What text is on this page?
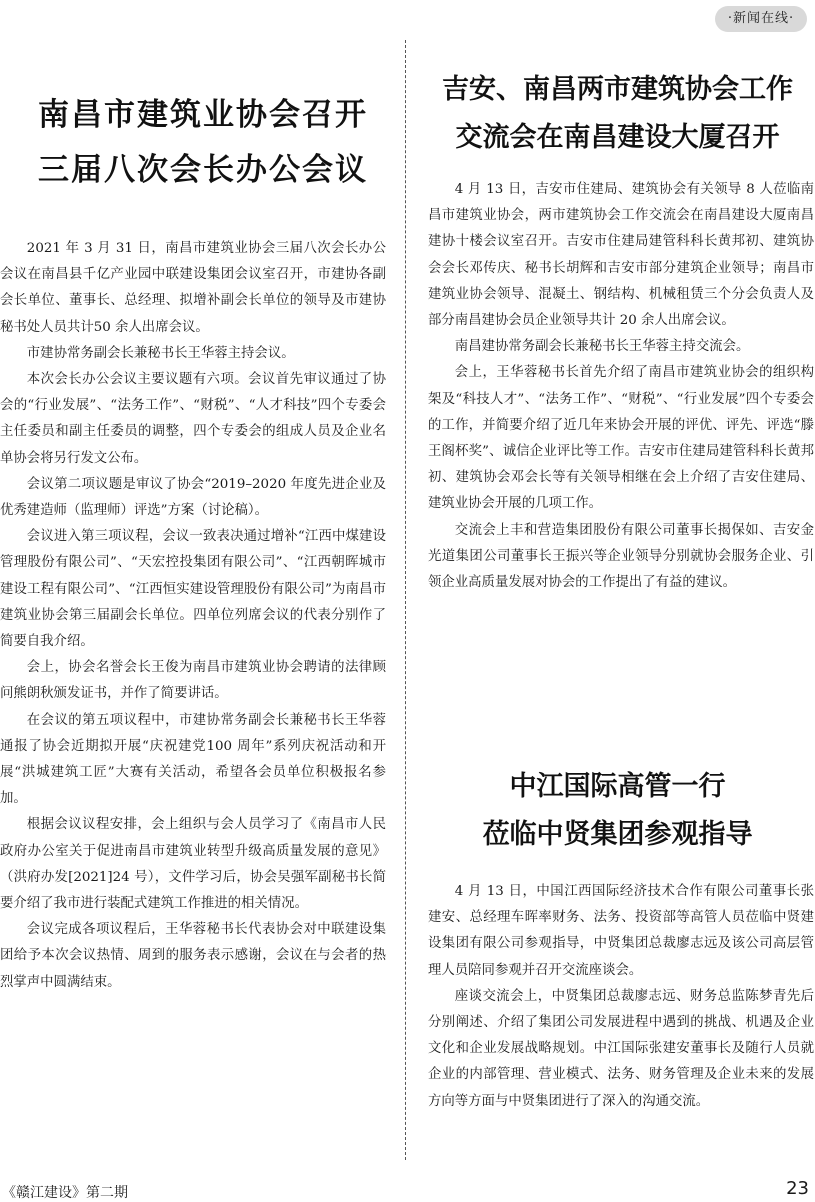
·新闻在线·
南昌市建筑业协会召开
三届八次会长办公会议

2021 年 3 月 31 日，南昌市建筑业协会三届八次会长办公会议在南昌县千亿产业园中联建设集团会议室召开，市建协各副会长单位、董事长、总经理、拟增补副会长单位的领导及市建协秘书处人员共计50 余人出席会议。

市建协常务副会长兼秘书长王华蓉主持会议。

本次会长办公会议主要议题有六项。会议首先审议通过了协会的“行业发展”、“法务工作”、“财税”、“人才科技”四个专委会主任委员和副主任委员的调整，四个专委会的组成人员及企业名单协会将另行发文公布。

会议第二项议题是审议了协会“2019–2020 年度先进企业及优秀建造师（监理师）评选”方案（讨论稿）。

会议进入第三项议程，会议一致表决通过增补“江西中煤建设管理股份有限公司”、“天宏控投集团有限公司”、“江西朝晖城市建设工程有限公司”、“江西恒实建设管理股份有限公司”为南昌市建筑业协会第三届副会长单位。四单位列席会议的代表分别作了简要自我介绍。

会上，协会名誉会长王俊为南昌市建筑业协会聘请的法律顾问熊朗秋颁发证书，并作了简要讲话。

在会议的第五项议程中，市建协常务副会长兼秘书长王华蓉通报了协会近期拟开展“庆祝建党100 周年”系列庆祝活动和开展“洪城建筑工匠”大赛有关活动，希望各会员单位积极报名参加。

根据会议议程安排，会上组织与会人员学习了《南昌市人民政府办公室关于促进南昌市建筑业转型升级高质量发展的意见》（洪府办发[2021]24 号），文件学习后，协会吴强军副秘书长简要介绍了我市进行装配式建筑工作推进的相关情况。

会议完成各项议程后，王华蓉秘书长代表协会对中联建设集团给予本次会议热情、周到的服务表示感谢，会议在与会者的热烈掌声中圆满结束。

吉安、南昌两市建筑协会工作
交流会在南昌建设大厦召开

4 月 13 日，吉安市住建局、建筑协会有关领导 8 人莅临南昌市建筑业协会，两市建筑协会工作交流会在南昌建设大厦南昌建协十楼会议室召开。吉安市住建局建管科科长黄邦初、建筑协会会长邓传庆、秘书长胡辉和吉安市部分建筑企业领导；南昌市建筑业协会领导、混凝土、钢结构、机械租赁三个分会负责人及部分南昌建协会员企业领导共计 20 余人出席会议。

南昌建协常务副会长兼秘书长王华蓉主持交流会。

会上，王华蓉秘书长首先介绍了南昌市建筑业协会的组织构架及“科技人才”、“法务工作”、“财税”、“行业发展”四个专委会的工作，并简要介绍了近几年来协会开展的评优、评先、评选“滕王阁杯奖”、诚信企业评比等工作。吉安市住建局建管科科长黄邦初、建筑协会邓会长等有关领导相继在会上介绍了吉安住建局、建筑业协会开展的几项工作。

交流会上丰和营造集团股份有限公司董事长揭保如、吉安金光道集团公司董事长王振兴等企业领导分别就协会服务企业、引领企业高质量发展对协会的工作提出了有益的建议。

中江国际高管一行
莅临中贤集团参观指导

4 月 13 日，中国江西国际经济技术合作有限公司董事长张建安、总经理车晖率财务、法务、投资部等高管人员莅临中贤建设集团有限公司参观指导，中贤集团总裁廖志远及该公司高层管理人员陪同参观并召开交流座谈会。

座谈交流会上，中贤集团总裁廖志远、财务总监陈梦青先后分别阐述、介绍了集团公司发展进程中遇到的挑战、机遇及企业文化和企业发展战略规划。中江国际张建安董事长及随行人员就企业的内部管理、营业模式、法务、财务管理及企业未来的发展方向等方面与中贤集团进行了深入的沟通交流。

《赣江建设》第二期	23
